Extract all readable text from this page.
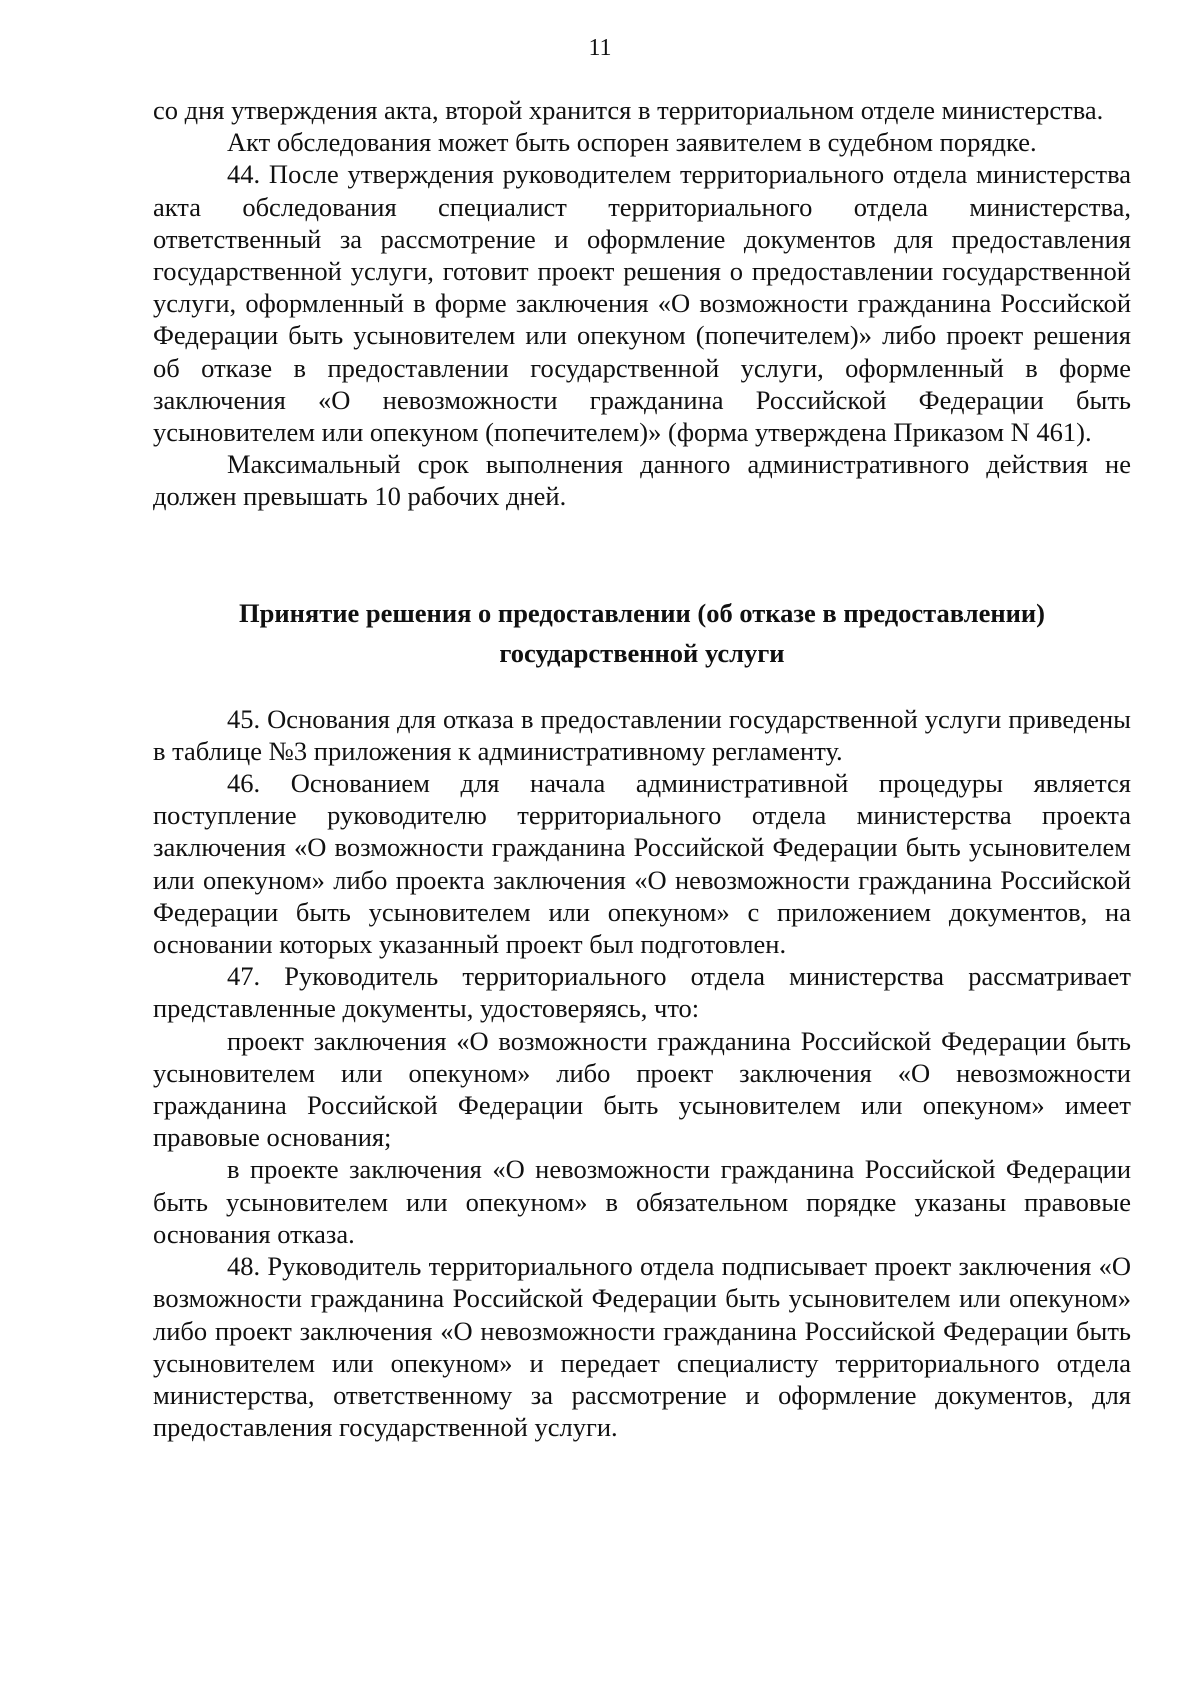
11

со дня утверждения акта, второй хранится в территориальном отделе министерства.

Акт обследования может быть оспорен заявителем в судебном порядке.

44. После утверждения руководителем территориального отдела министерства акта обследования специалист территориального отдела министерства, ответственный за рассмотрение и оформление документов для предоставления государственной услуги, готовит проект решения о предоставлении государственной услуги, оформленный в форме заключения «О возможности гражданина Российской Федерации быть усыновителем или опекуном (попечителем)» либо проект решения об отказе в предоставлении государственной услуги, оформленный в форме заключения «О невозможности гражданина Российской Федерации быть усыновителем или опекуном (попечителем)» (форма утверждена Приказом N 461).

Максимальный срок выполнения данного административного действия не должен превышать 10 рабочих дней.

Принятие решения о предоставлении (об отказе в предоставлении)
государственной услуги

45. Основания для отказа в предоставлении государственной услуги приведены в таблице №3 приложения к административному регламенту.

46. Основанием для начала административной процедуры является поступление руководителю территориального отдела министерства проекта заключения «О возможности гражданина Российской Федерации быть усыновителем или опекуном» либо проекта заключения «О невозможности гражданина Российской Федерации быть усыновителем или опекуном» с приложением документов, на основании которых указанный проект был подготовлен.

47. Руководитель территориального отдела министерства рассматривает представленные документы, удостоверяясь, что:

проект заключения «О возможности гражданина Российской Федерации быть усыновителем или опекуном» либо проект заключения «О невозможности гражданина Российской Федерации быть усыновителем или опекуном» имеет правовые основания;

в проекте заключения «О невозможности гражданина Российской Федерации быть усыновителем или опекуном» в обязательном порядке указаны правовые основания отказа.

48. Руководитель территориального отдела подписывает проект заключения «О возможности гражданина Российской Федерации быть усыновителем или опекуном» либо проект заключения «О невозможности гражданина Российской Федерации быть усыновителем или опекуном» и передает специалисту территориального отдела министерства, ответственному за рассмотрение и оформление документов, для предоставления государственной услуги.
